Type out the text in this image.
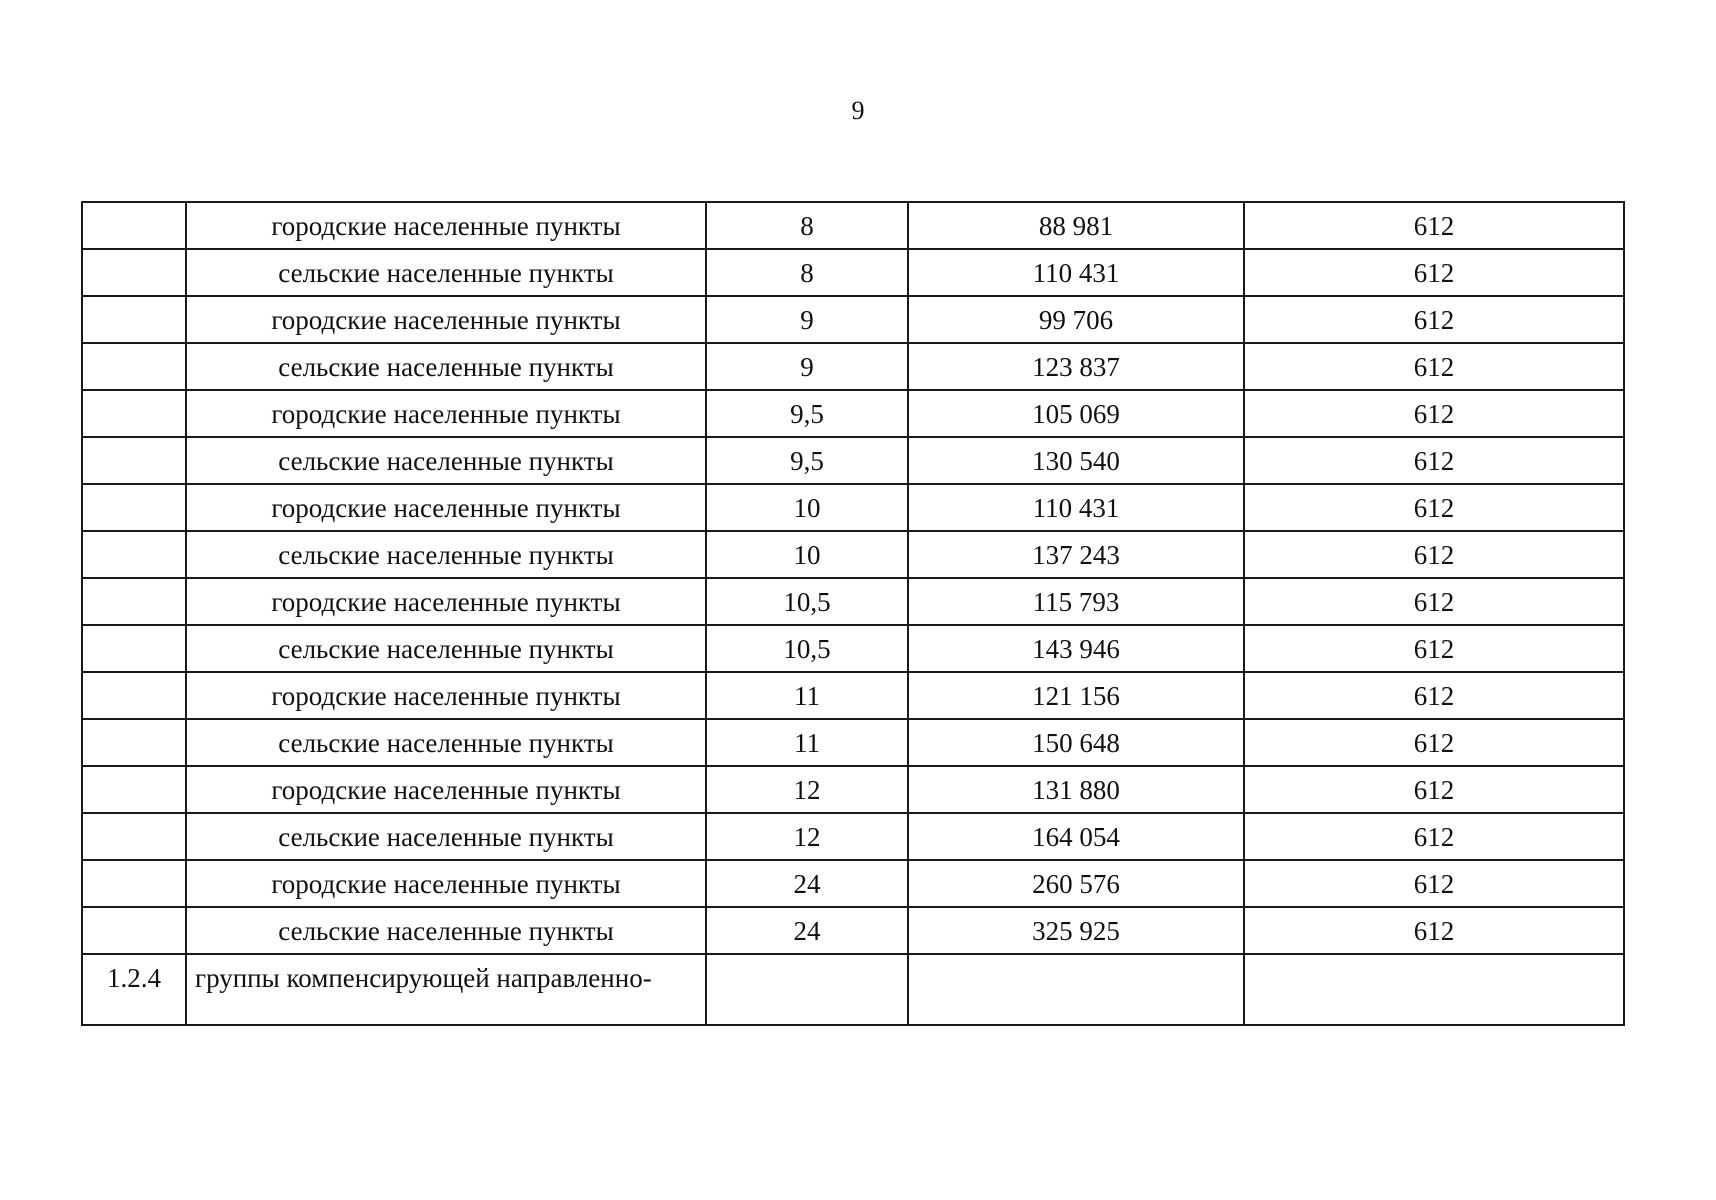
9
	городские населенные пункты	8	88 981	612
	сельские населенные пункты	8	110 431	612
	городские населенные пункты	9	99 706	612
	сельские населенные пункты	9	123 837	612
	городские населенные пункты	9,5	105 069	612
	сельские населенные пункты	9,5	130 540	612
	городские населенные пункты	10	110 431	612
	сельские населенные пункты	10	137 243	612
	городские населенные пункты	10,5	115 793	612
	сельские населенные пункты	10,5	143 946	612
	городские населенные пункты	11	121 156	612
	сельские населенные пункты	11	150 648	612
	городские населенные пункты	12	131 880	612
	сельские населенные пункты	12	164 054	612
	городские населенные пункты	24	260 576	612
	сельские населенные пункты	24	325 925	612
1.2.4	группы компенсирующей направленно-			
